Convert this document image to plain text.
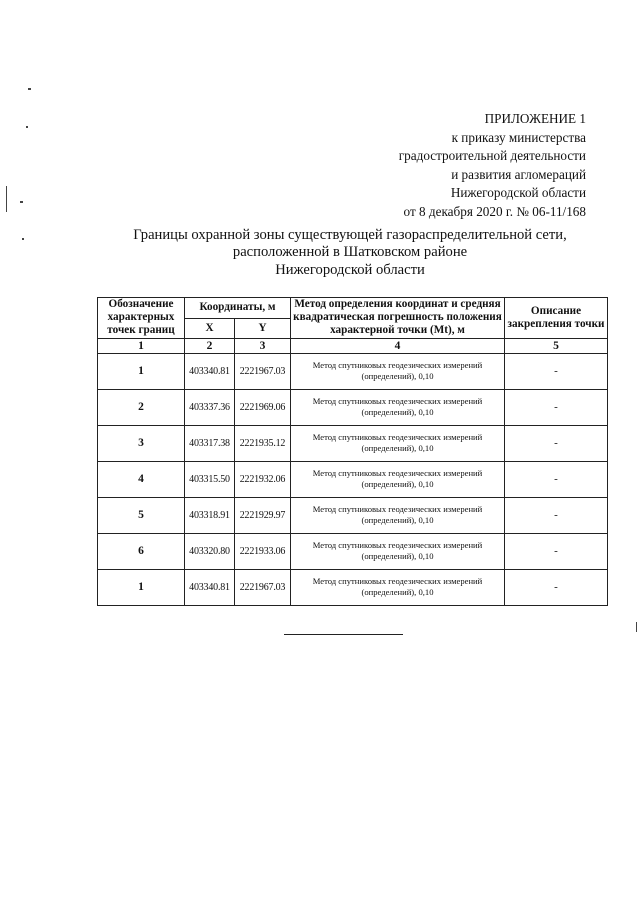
ПРИЛОЖЕНИЕ 1
к приказу министерства
градостроительной деятельности
и развития агломераций
Нижегородской области
от 8 декабря 2020 г. № 06-11/168
Границы охранной зоны существующей газораспределительной сети,
расположенной в Шатковском районе
Нижегородской области
Обозначение характерных точек границ	Координаты, м		Метод определения координат и средняя квадратическая погрешность положения характерной точки (Mt), м	Описание закрепления точки
	X	Y		
1	2	3	4	5
1	403340.81	2221967.03	Метод спутниковых геодезических измерений (определений), 0,10	-
2	403337.36	2221969.06	Метод спутниковых геодезических измерений (определений), 0,10	-
3	403317.38	2221935.12	Метод спутниковых геодезических измерений (определений), 0,10	-
4	403315.50	2221932.06	Метод спутниковых геодезических измерений (определений), 0,10	-
5	403318.91	2221929.97	Метод спутниковых геодезических измерений (определений), 0,10	-
6	403320.80	2221933.06	Метод спутниковых геодезических измерений (определений), 0,10	-
1	403340.81	2221967.03	Метод спутниковых геодезических измерений (определений), 0,10	-
